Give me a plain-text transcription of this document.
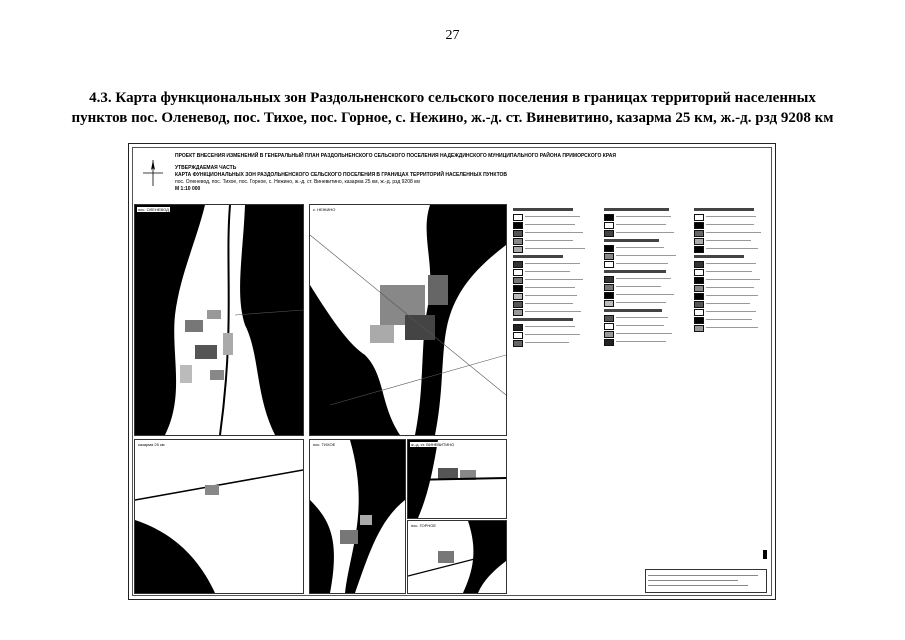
27
4.3. Карта функциональных зон Раздольненского сельского поселения в границах территорий населенных
пунктов пос. Оленевод, пос. Тихое, пос. Горное, с. Нежино, ж.-д. ст. Виневитино, казарма 25 км, ж.-д. рзд 9208 км
ПРОЕКТ ВНЕСЕНИЯ ИЗМЕНЕНИЙ В ГЕНЕРАЛЬНЫЙ ПЛАН РАЗДОЛЬНЕНСКОГО СЕЛЬСКОГО ПОСЕЛЕНИЯ НАДЕЖДИНСКОГО МУНИЦИПАЛЬНОГО РАЙОНА ПРИМОРСКОГО КРАЯ
УТВЕРЖДАЕМАЯ ЧАСТЬ
КАРТА ФУНКЦИОНАЛЬНЫХ ЗОН РАЗДОЛЬНЕНСКОГО СЕЛЬСКОГО ПОСЕЛЕНИЯ В ГРАНИЦАХ ТЕРРИТОРИЙ НАСЕЛЕННЫХ ПУНКТОВ
пос. Оленевод, пос. Тихое, пос. Горное, с. Нежино, ж.-д. ст. Виневитино, казарма 25 км, ж.-д. рзд 9208 км
М 1:10 000
пос. ОЛЕНЕВОД	с. НЕЖИНО
пос. ТИХОЕ	ж.-д. ст. ВИНЕВИТИНО
пос. ГОРНОЕ
казарма 25 км
